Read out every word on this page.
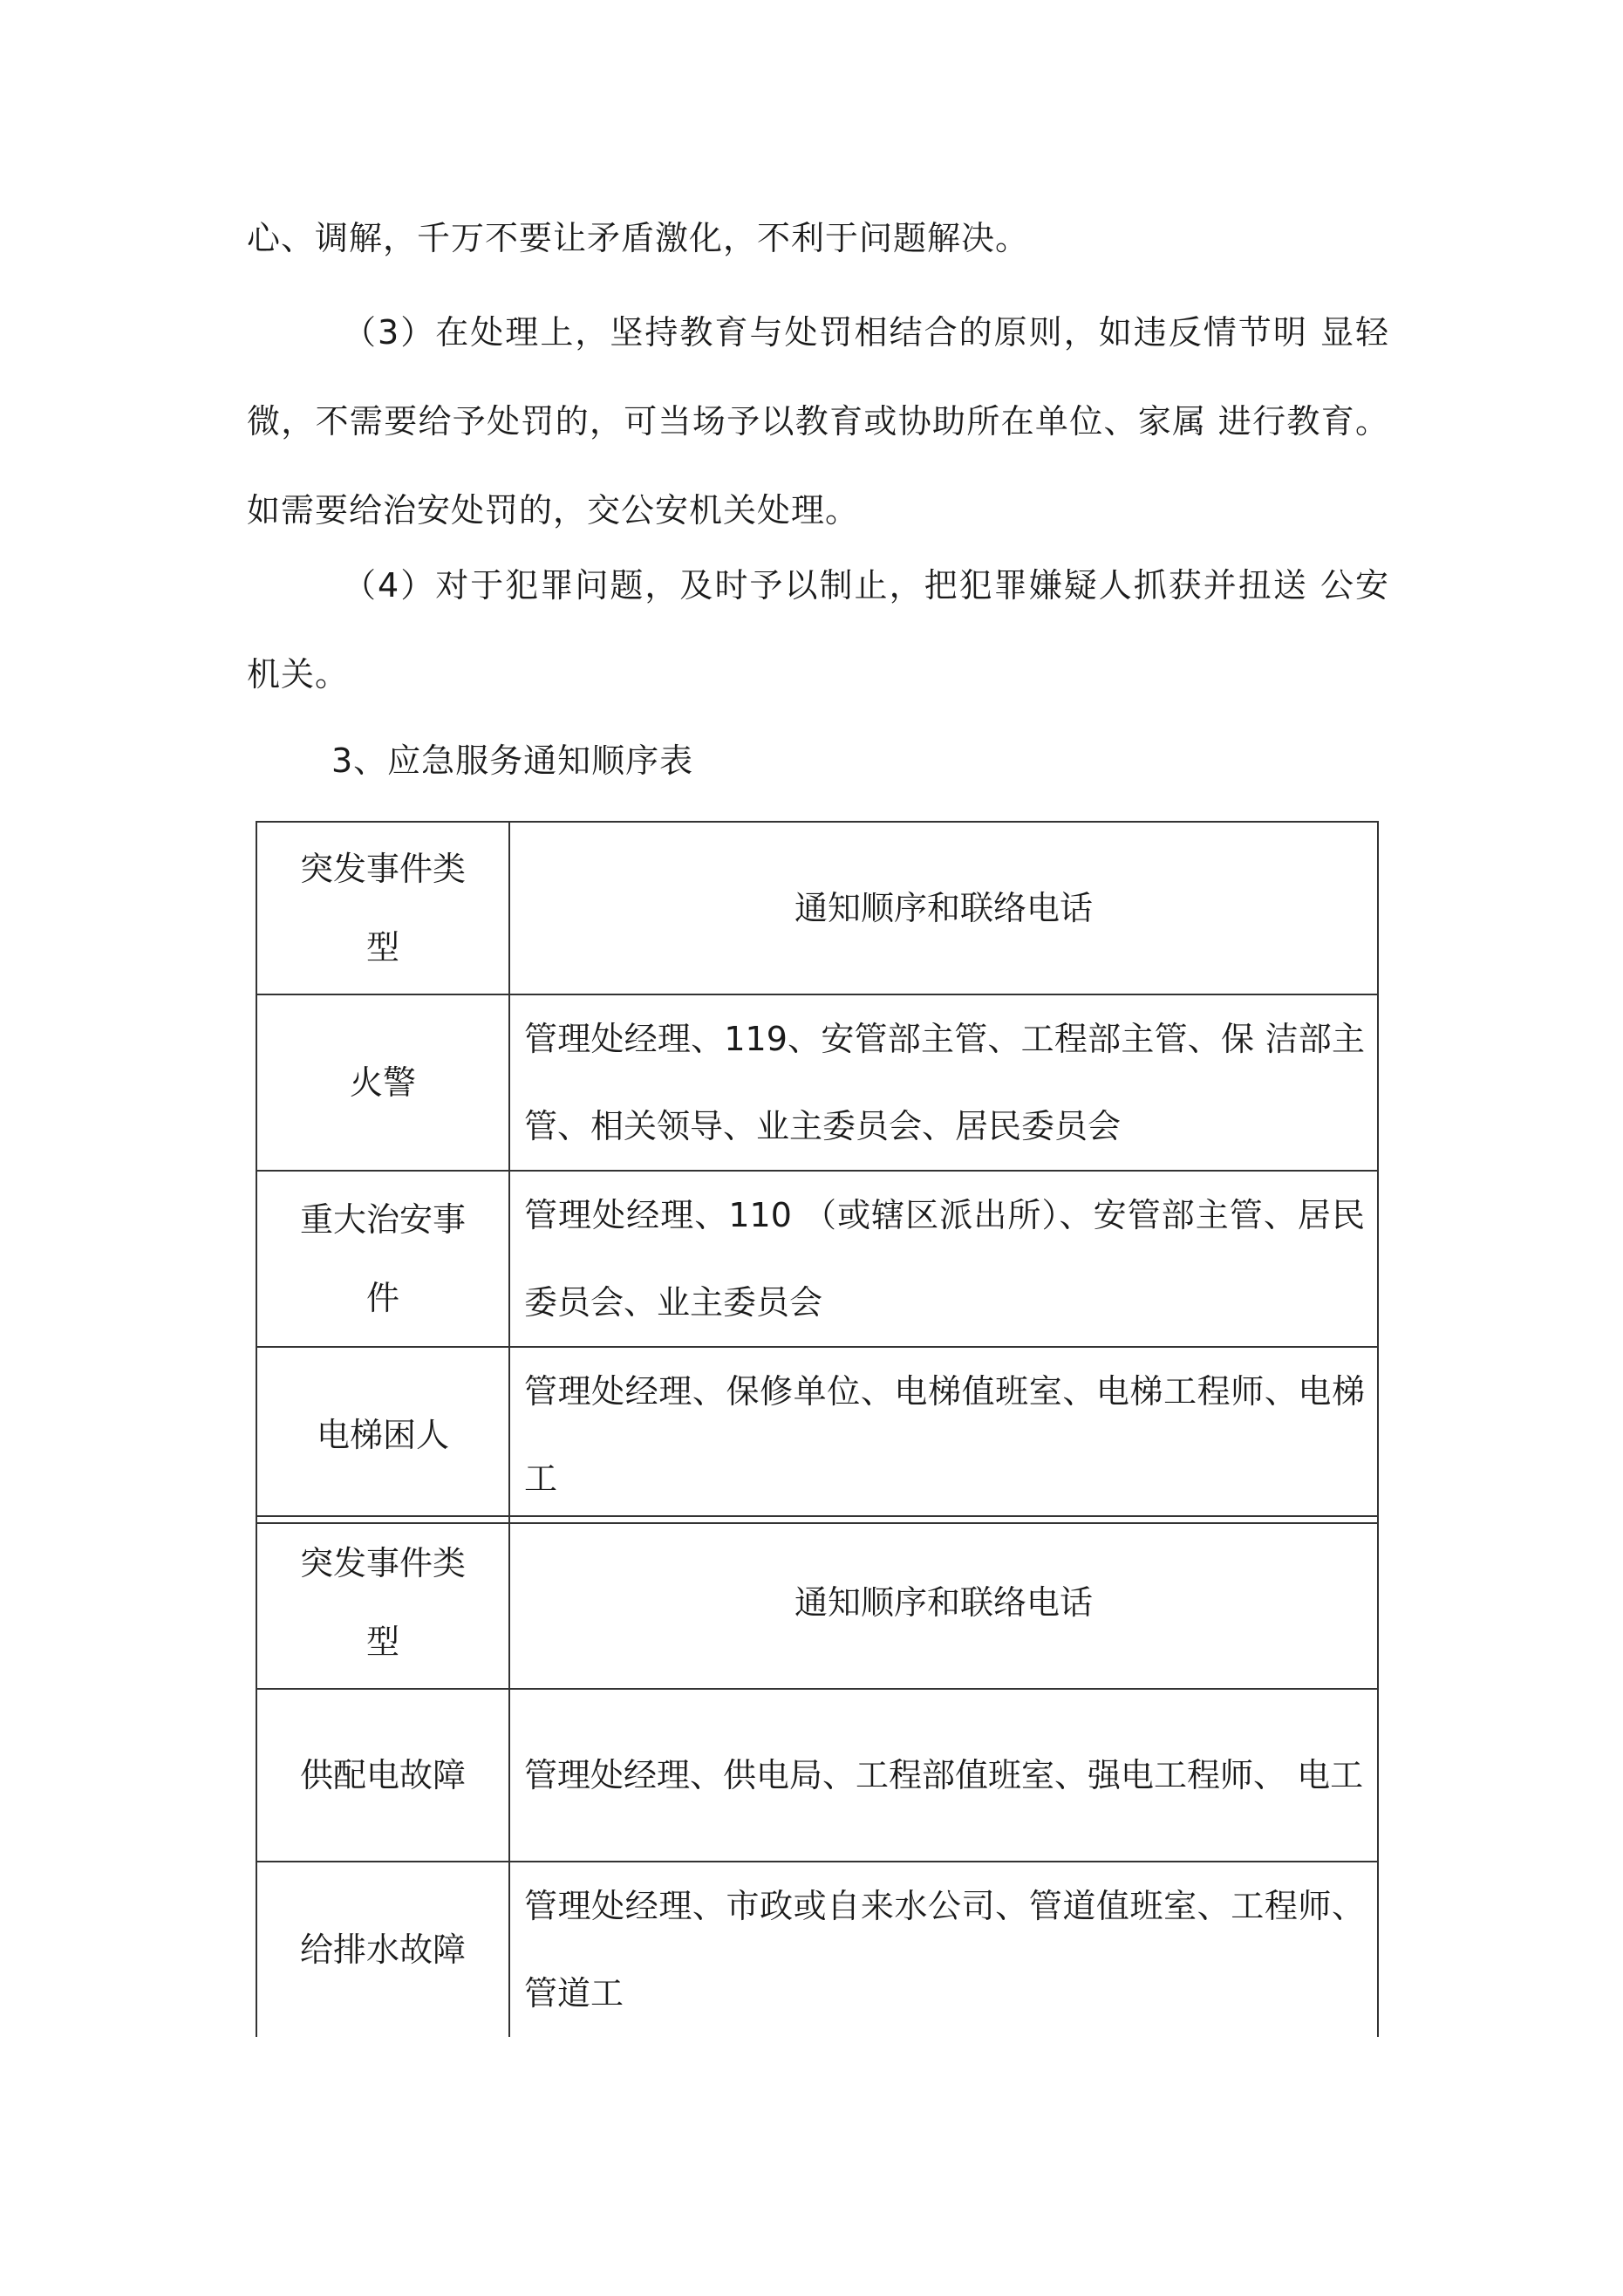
心、调解，千万不要让矛盾激化，不利于问题解决。

（3）在处理上，坚持教育与处罚相结合的原则，如违反情节明 显轻微，不需要给予处罚的，可当场予以教育或协助所在单位、家属 进行教育。如需要给治安处罚的，交公安机关处理。

（4）对于犯罪问题，及时予以制止，把犯罪嫌疑人抓获并扭送 公安机关。

3、应急服务通知顺序表

突发事件类
型	通知顺序和联络电话
火警	管理处经理、119、安管部主管、工程部主管、保 洁部主管、相关领导、业主委员会、居民委员会
重大治安事
件	管理处经理、110 （或辖区派出所）、安管部主管、居民委员会、业主委员会
电梯困人	管理处经理、保修单位、电梯值班室、电梯工程师、电梯工
突发事件类
型	通知顺序和联络电话
供配电故障	管理处经理、供电局、工程部值班室、强电工程师、 电工
给排水故障	管理处经理、市政或自来水公司、管道值班室、工程师、管道工
